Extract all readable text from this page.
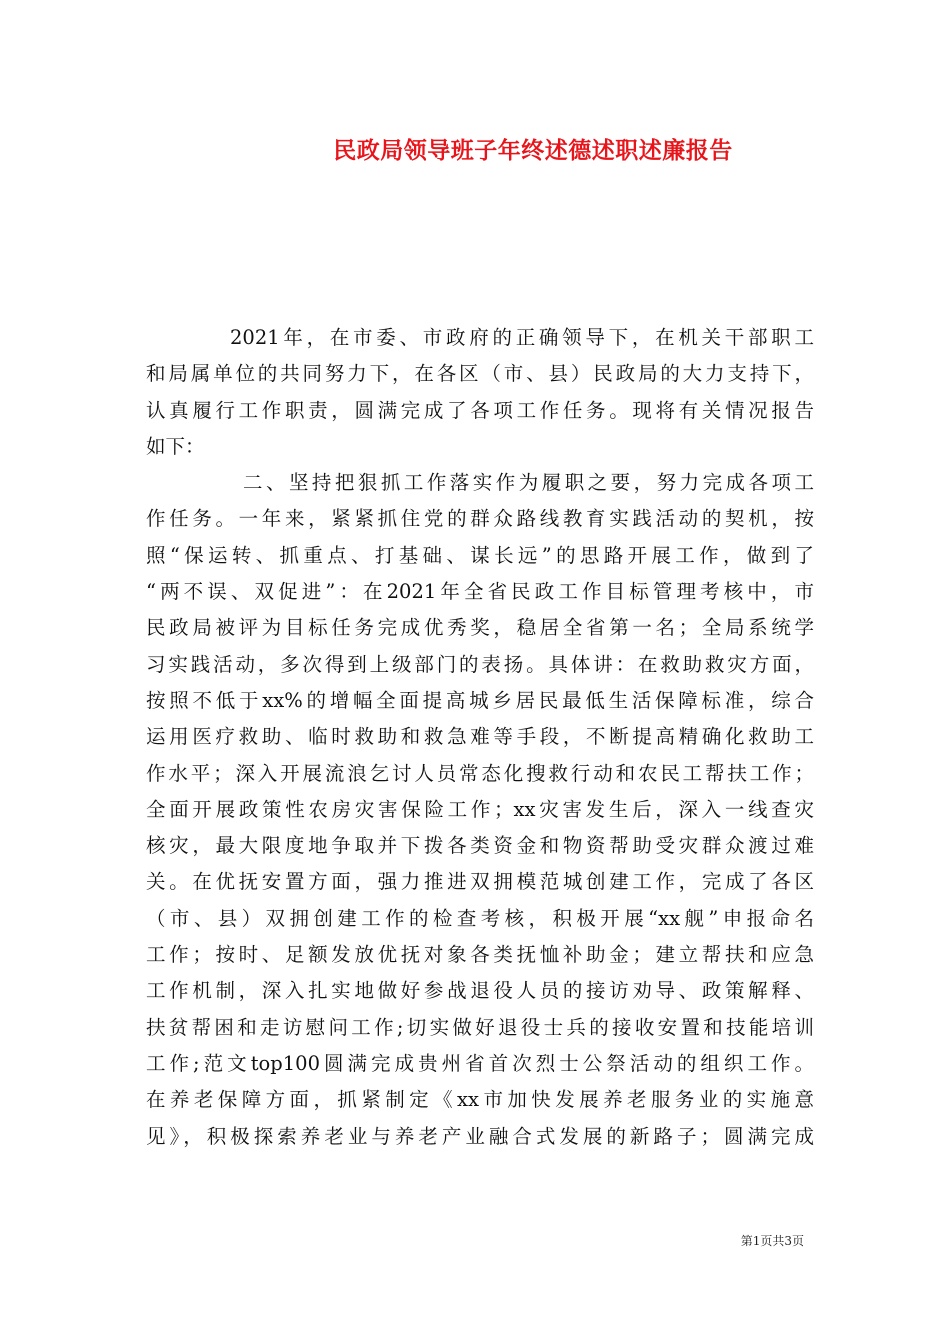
民政局领导班子年终述德述职述廉报告
2021年，在市委、市政府的正确领导下，在机关干部职工
和局属单位的共同努力下，在各区（市、县）民政局的大力支持下，
认真履行工作职责，圆满完成了各项工作任务。现将有关情况报告
如下：
二、坚持把狠抓工作落实作为履职之要，努力完成各项工
作任务。一年来，紧紧抓住党的群众路线教育实践活动的契机，按
照“保运转、抓重点、打基础、谋长远”的思路开展工作，做到了
“两不误、双促进”：在2021年全省民政工作目标管理考核中，市
民政局被评为目标任务完成优秀奖，稳居全省第一名；全局系统学
习实践活动，多次得到上级部门的表扬。具体讲：在救助救灾方面，
按照不低于xx%的增幅全面提高城乡居民最低生活保障标准，综合
运用医疗救助、临时救助和救急难等手段，不断提高精确化救助工
作水平；深入开展流浪乞讨人员常态化搜救行动和农民工帮扶工作；
全面开展政策性农房灾害保险工作；xx灾害发生后，深入一线查灾
核灾，最大限度地争取并下拨各类资金和物资帮助受灾群众渡过难
关。在优抚安置方面，强力推进双拥模范城创建工作，完成了各区
（市、县）双拥创建工作的检查考核，积极开展“xx舰”申报命名
工作；按时、足额发放优抚对象各类抚恤补助金；建立帮扶和应急
工作机制，深入扎实地做好参战退役人员的接访劝导、政策解释、
扶贫帮困和走访慰问工作;切实做好退役士兵的接收安置和技能培训
工作;范文top100圆满完成贵州省首次烈士公祭活动的组织工作。
在养老保障方面，抓紧制定《xx市加快发展养老服务业的实施意
见》，积极探索养老业与养老产业融合式发展的新路子；圆满完成
第1页共3页
